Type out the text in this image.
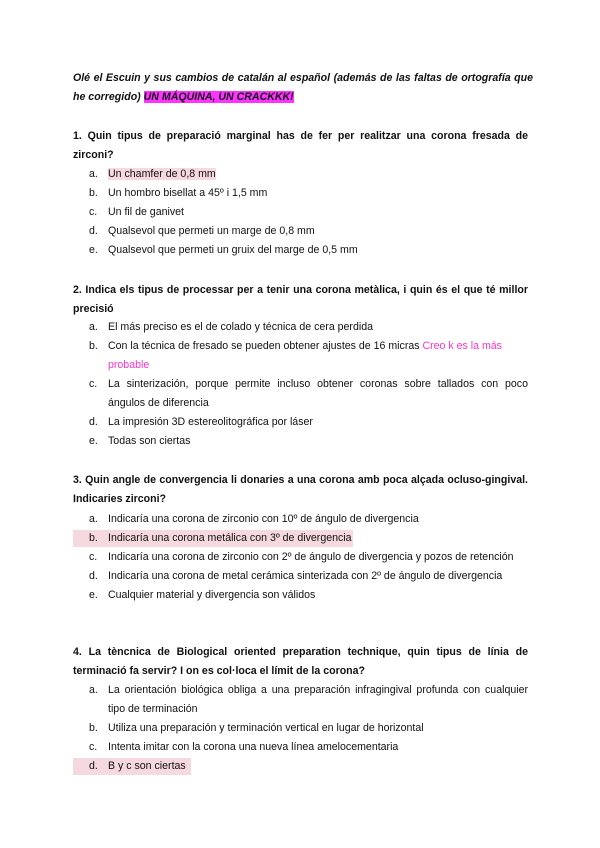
Olé el Escuin y sus cambios de catalán al español (además de las faltas de ortografía que he corregido) UN MÁQUINA, UN CRACKKK!
1. Quin tipus de preparació marginal has de fer per realitzar una corona fresada de zirconi?
a. Un chamfer de 0,8 mm
b. Un hombro bisellat a 45º i 1,5 mm
c. Un fil de ganivet
d. Qualsevol que permeti un marge de 0,8 mm
e. Qualsevol que permeti un gruix del marge de 0,5 mm
2. Indica els tipus de processar per a tenir una corona metàlica, i quin és el que té millor precisió
a. El más preciso es el de colado y técnica de cera perdida
b. Con la técnica de fresado se pueden obtener ajustes de 16 micras Creo k es la más probable
c. La sinterización, porque permite incluso obtener coronas sobre tallados con poco ángulos de diferencia
d. La impresión 3D estereolitográfica por láser
e. Todas son ciertas
3. Quin angle de convergencia li donaries a una corona amb poca alçada ocluso-gingival. Indicaries zirconi?
a. Indicaría una corona de zirconio con 10º de ángulo de divergencia
b. Indicaría una corona metálica con 3º de divergencia
c. Indicaría una corona de zirconio con 2º de ángulo de divergencia y pozos de retención
d. Indicaría una corona de metal cerámica sinterizada con 2º de ángulo de divergencia
e. Cualquier material y divergencia son válidos
4. La tèncnica de Biological oriented preparation technique, quin tipus de línia de terminació fa servir? I on es col·loca el límit de la corona?
a. La orientación biológica obliga a una preparación infragingival profunda con cualquier tipo de terminación
b. Utiliza una preparación y terminación vertical en lugar de horizontal
c. Intenta imitar con la corona una nueva línea amelocementaria
d. B y c son ciertas
